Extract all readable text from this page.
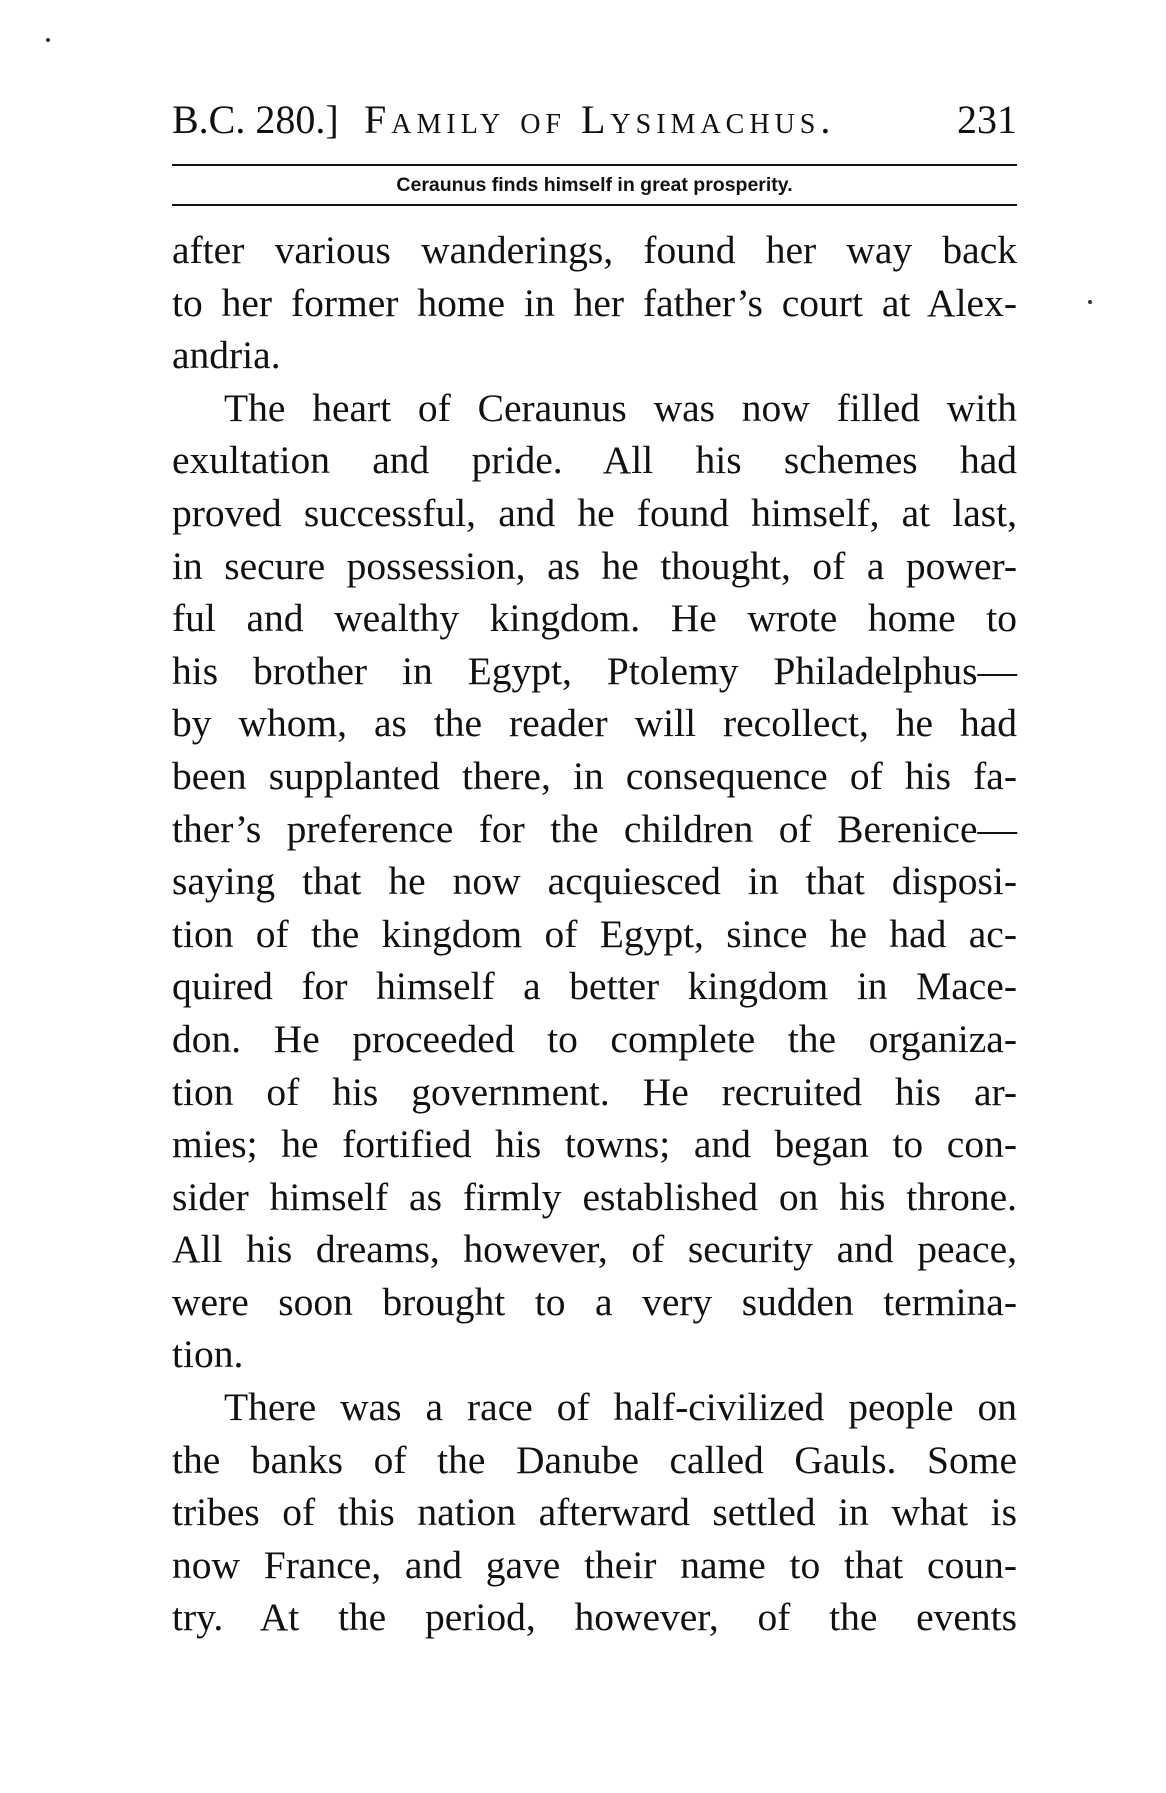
B.C. 280.] Family of Lysimachus.	231
Ceraunus finds himself in great prosperity.
after various wanderings, found her way back
to her former home in her father’s court at Alex-
andria.
The heart of Ceraunus was now filled with
exultation and pride. All his schemes had
proved successful, and he found himself, at last,
in secure possession, as he thought, of a power-
ful and wealthy kingdom. He wrote home to
his brother in Egypt, Ptolemy Philadelphus—
by whom, as the reader will recollect, he had
been supplanted there, in consequence of his fa-
ther’s preference for the children of Berenice—
saying that he now acquiesced in that disposi-
tion of the kingdom of Egypt, since he had ac-
quired for himself a better kingdom in Mace-
don. He proceeded to complete the organiza-
tion of his government. He recruited his ar-
mies; he fortified his towns; and began to con-
sider himself as firmly established on his throne.
All his dreams, however, of security and peace,
were soon brought to a very sudden termina-
tion.
There was a race of half-civilized people on
the banks of the Danube called Gauls. Some
tribes of this nation afterward settled in what is
now France, and gave their name to that coun-
try. At the period, however, of the events
